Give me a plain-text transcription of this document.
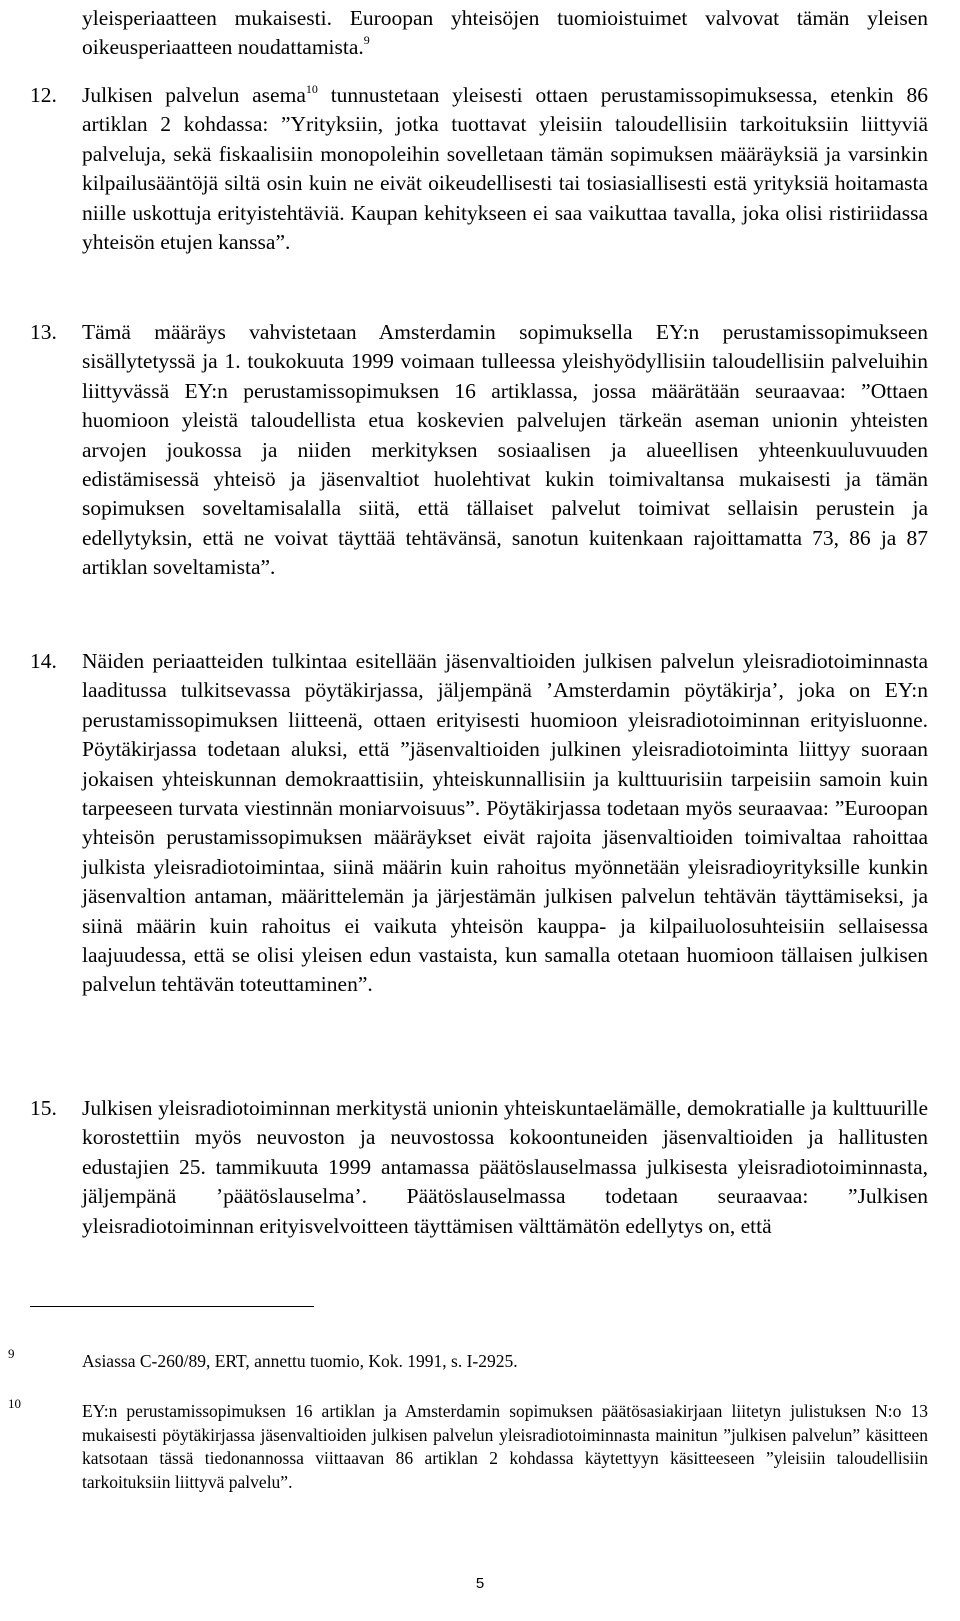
yleisperiaatteen mukaisesti. Euroopan yhteisöjen tuomioistuimet valvovat tämän yleisen oikeusperiaatteen noudattamista.$^9$
12. Julkisen palvelun asema$^{10}$ tunnustetaan yleisesti ottaen perustamissopimuksessa, etenkin 86 artiklan 2 kohdassa: ”Yrityksiin, jotka tuottavat yleisiin taloudellisiin tarkoituksiin liittyviä palveluja, sekä fiskaalisiin monopoleihin sovelletaan tämän sopimuksen määräyksiä ja varsinkin kilpailusääntöjä siltä osin kuin ne eivät oikeudellisesti tai tosiasiallisesti estä yrityksiä hoitamasta niille uskottuja erityistehtäviä. Kaupan kehitykseen ei saa vaikuttaa tavalla, joka olisi ristiriidassa yhteisön etujen kanssa”.
13. Tämä määräys vahvistetaan Amsterdamin sopimuksella EY:n perustamissopimukseen sisällytetyssä ja 1. toukokuuta 1999 voimaan tulleessa yleishyödyllisiin taloudellisiin palveluihin liittyvässä EY:n perustamissopimuksen 16 artiklassa, jossa määrätään seuraavaa: ”Ottaen huomioon yleistä taloudellista etua koskevien palvelujen tärkeän aseman unionin yhteisten arvojen joukossa ja niiden merkityksen sosiaalisen ja alueellisen yhteenkuuluvuuden edistämisessä yhteisö ja jäsenvaltiot huolehtivat kukin toimivaltansa mukaisesti ja tämän sopimuksen soveltamisalalla siitä, että tällaiset palvelut toimivat sellaisin perustein ja edellytyksin, että ne voivat täyttää tehtävänsä, sanotun kuitenkaan rajoittamatta 73, 86 ja 87 artiklan soveltamista”.
14. Näiden periaatteiden tulkintaa esitellään jäsenvaltioiden julkisen palvelun yleisradiotoiminnasta laaditussa tulkitsevassa pöytäkirjassa, jäljempänä ’Amsterdamin pöytäkirja’, joka on EY:n perustamissopimuksen liitteenä, ottaen erityisesti huomioon yleisradiotoiminnan erityisluonne. Pöytäkirjassa todetaan aluksi, että ”jäsenvaltioiden julkinen yleisradiotoiminta liittyy suoraan jokaisen yhteiskunnan demokraattisiin, yhteiskunnallisiin ja kulttuurisiin tarpeisiin samoin kuin tarpeeseen turvata viestinnän moniarvoisuus”. Pöytäkirjassa todetaan myös seuraavaa: ”Euroopan yhteisön perustamissopimuksen määräykset eivät rajoita jäsenvaltioiden toimivaltaa rahoittaa julkista yleisradiotoimintaa, siinä määrin kuin rahoitus myönnetään yleisradioyrityksille kunkin jäsenvaltion antaman, määrittelemän ja järjestämän julkisen palvelun tehtävän täyttämiseksi, ja siinä määrin kuin rahoitus ei vaikuta yhteisön kauppa- ja kilpailuolosuhteisiin sellaisessa laajuudessa, että se olisi yleisen edun vastaista, kun samalla otetaan huomioon tällaisen julkisen palvelun tehtävän toteuttaminen”.
15. Julkisen yleisradiotoiminnan merkitystä unionin yhteiskuntaelämälle, demokratialle ja kulttuurille korostettiin myös neuvoston ja neuvostossa kokoontuneiden jäsenvaltioiden ja hallitusten edustajien 25. tammikuuta 1999 antamassa päätöslauselmassa julkisesta yleisradiotoiminnasta, jäljempänä ’päätöslauselma’. Päätöslauselmassa todetaan seuraavaa: ”Julkisen yleisradiotoiminnan erityisvelvoitteen täyttämisen välttämätön edellytys on, että
9	Asiassa C-260/89, ERT, annettu tuomio, Kok. 1991, s. I-2925.
10	EY:n perustamissopimuksen 16 artiklan ja Amsterdamin sopimuksen päätösasiakirjaan liitetyn julistuksen N:o 13 mukaisesti pöytäkirjassa jäsenvaltioiden julkisen palvelun yleisradiotoiminnasta mainitun ”julkisen palvelun” käsitteen katsotaan tässä tiedonannossa viittaavan 86 artiklan 2 kohdassa käytettyyn käsitteeseen ”yleisiin taloudellisiin tarkoituksiin liittyvä palvelu”.
5
